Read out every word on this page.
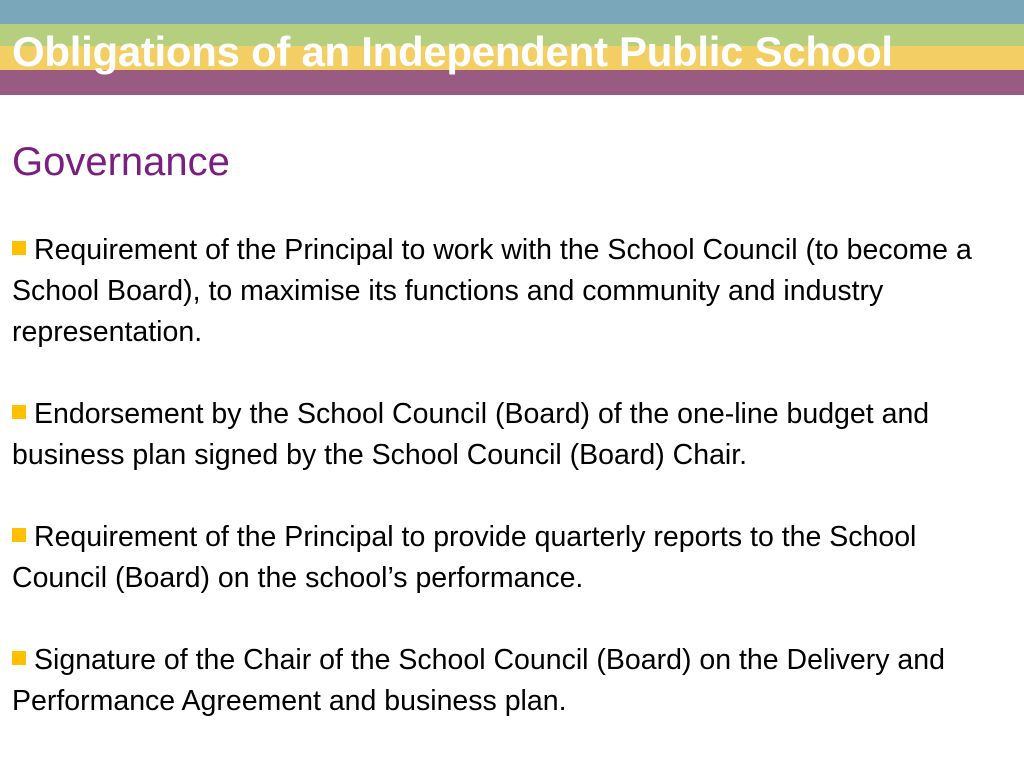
Obligations of an Independent Public School
Governance
Requirement of the Principal to work with the School Council (to become a School Board), to maximise its functions and community and industry representation.
Endorsement by the School Council (Board) of the one-line budget and business plan signed by the School Council (Board) Chair.
Requirement of the Principal to provide quarterly reports to the School Council (Board) on the school’s performance.
Signature of the Chair of the School Council (Board) on the Delivery and Performance Agreement and business plan.
